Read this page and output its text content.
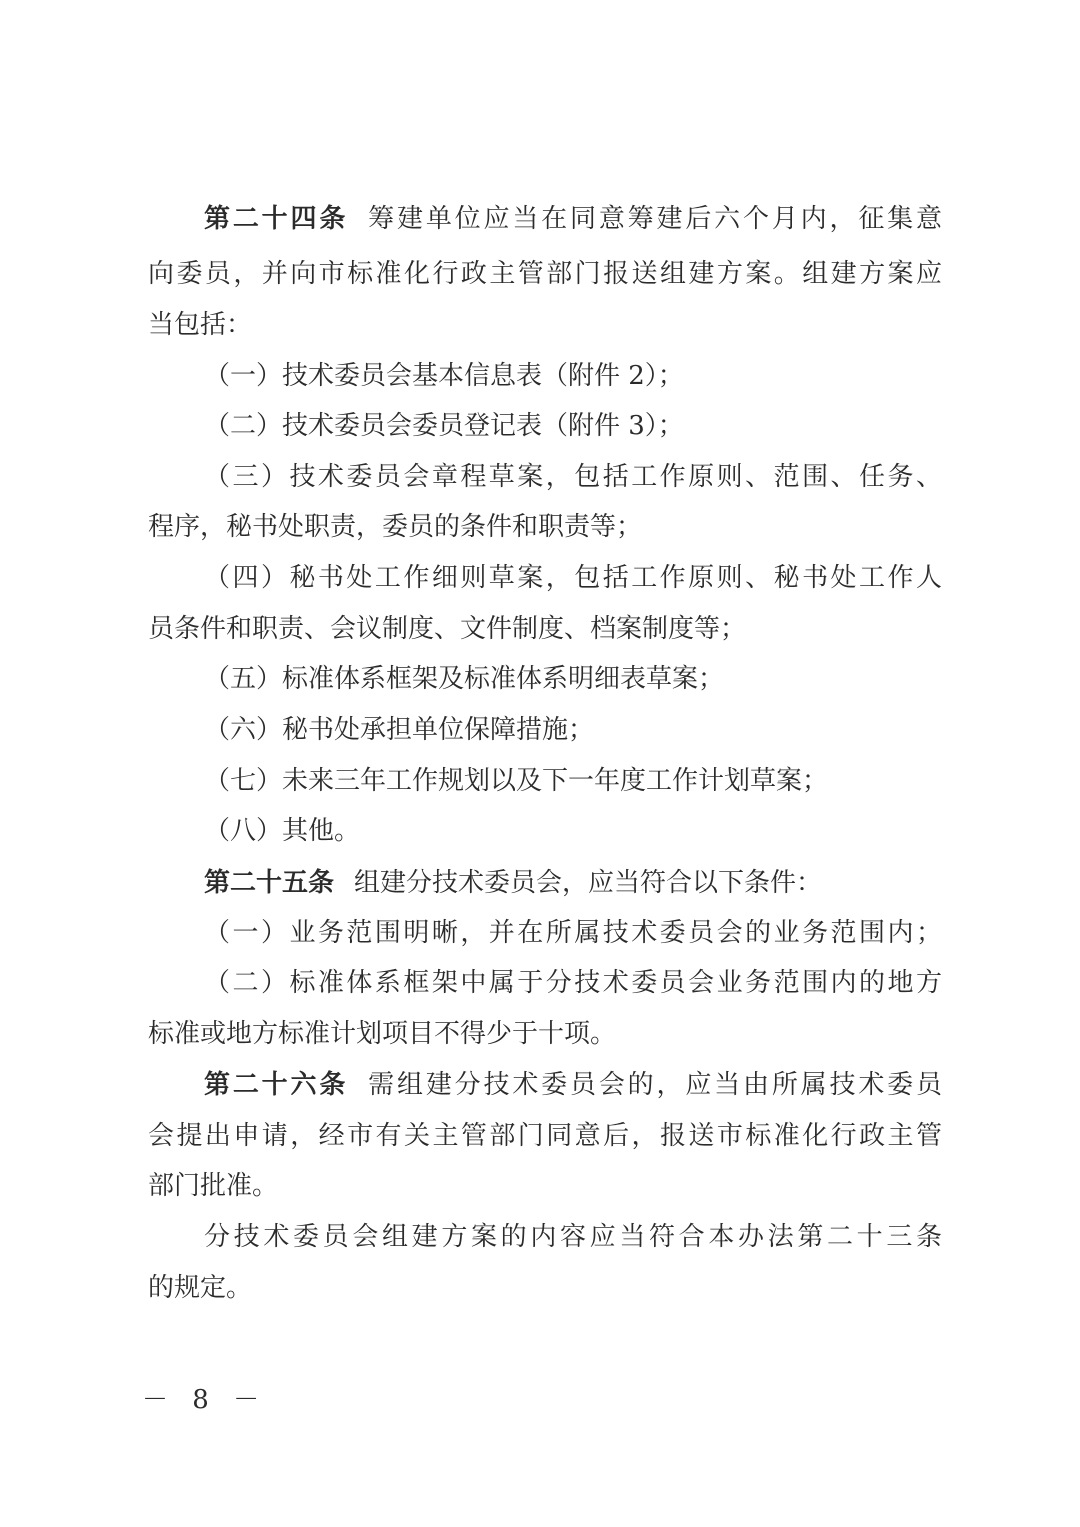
第二十四条 筹建单位应当在同意筹建后六个月内，征集意

向委员，并向市标准化行政主管部门报送组建方案。组建方案应

当包括：

（一）技术委员会基本信息表（附件 2）；

（二）技术委员会委员登记表（附件 3）；

（三）技术委员会章程草案，包括工作原则、范围、任务、

程序，秘书处职责，委员的条件和职责等；

（四）秘书处工作细则草案，包括工作原则、秘书处工作人

员条件和职责、会议制度、文件制度、档案制度等；

（五）标准体系框架及标准体系明细表草案；

（六）秘书处承担单位保障措施；

（七）未来三年工作规划以及下一年度工作计划草案；

（八）其他。

第二十五条 组建分技术委员会，应当符合以下条件：

（一）业务范围明晰，并在所属技术委员会的业务范围内；

（二）标准体系框架中属于分技术委员会业务范围内的地方

标准或地方标准计划项目不得少于十项。

第二十六条 需组建分技术委员会的，应当由所属技术委员

会提出申请，经市有关主管部门同意后，报送市标准化行政主管

部门批准。

分技术委员会组建方案的内容应当符合本办法第二十三条

的规定。

－ 8 －
